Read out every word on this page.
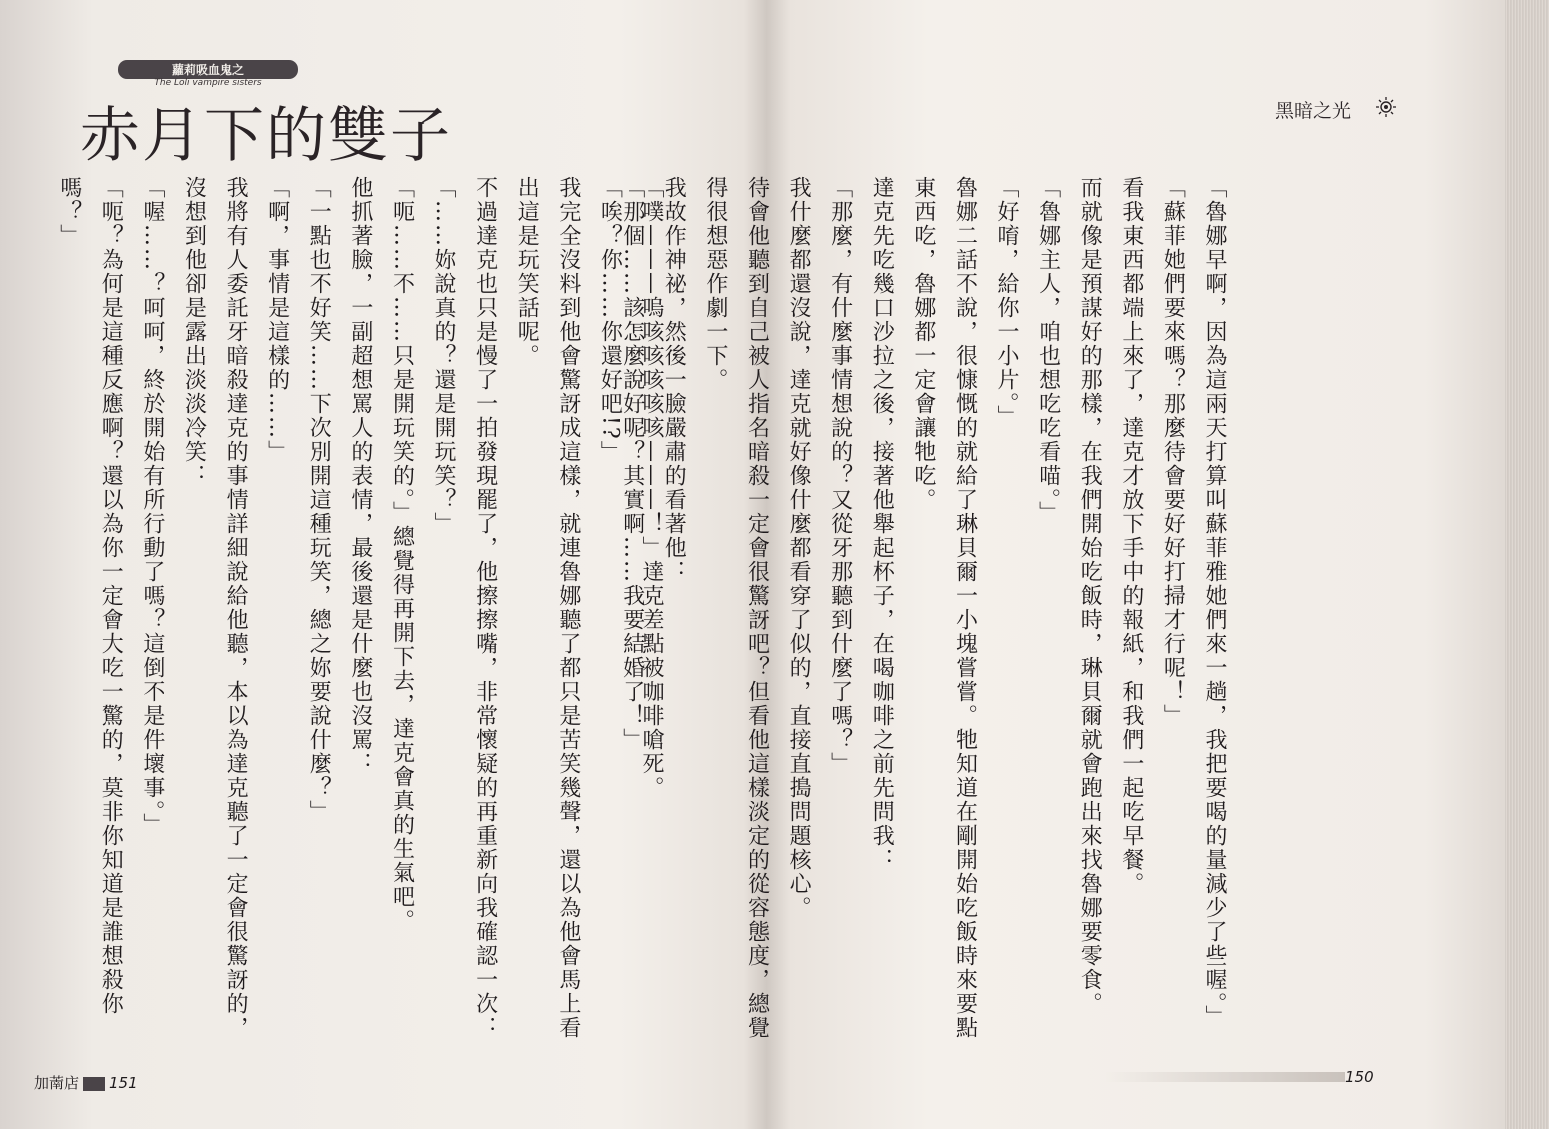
蘿莉吸血鬼之
The Loli vampire sisters
赤月下的雙子
「噗———嗚咳咳咳咳咳———！」達克差點被咖啡嗆死。
「唉？你……你還好吧!?」
我完全沒料到他會驚訝成這樣，就連魯娜聽了都只是苦笑幾聲，還以為他會馬上看
出這是玩笑話呢。
不過達克也只是慢了一拍發現罷了，他擦擦嘴，非常懷疑的再重新向我確認一次：
「……妳說真的？還是開玩笑？」
「呃……不……只是開玩笑的。」總覺得再開下去，達克會真的生氣吧。
他抓著臉，一副超想罵人的表情，最後還是什麼也沒罵：
「一點也不好笑……下次別開這種玩笑，總之妳要說什麼？」
「啊，事情是這樣的……」
我將有人委託牙暗殺達克的事情詳細說給他聽，本以為達克聽了一定會很驚訝的，
沒想到他卻是露出淡淡冷笑：
「喔……？呵呵，終於開始有所行動了嗎？這倒不是件壞事。」
「呃？為何是這種反應啊？還以為你一定會大吃一驚的，莫非你知道是誰想殺你
嗎？」
加萳店 151
黑暗之光
「魯娜早啊，因為這兩天打算叫蘇菲雅她們來一趟，我把要喝的量減少了些喔。」
「蘇菲她們要來嗎？那麼待會要好好打掃才行呢！」
看我東西都端上來了，達克才放下手中的報紙，和我們一起吃早餐。
而就像是預謀好的那樣，在我們開始吃飯時，琳貝爾就會跑出來找魯娜要零食。
「魯娜主人，咱也想吃吃看喵。」
「好唷，給你一小片。」
魯娜二話不說，很慷慨的就給了琳貝爾一小塊嘗嘗。牠知道在剛開始吃飯時來要點
東西吃，魯娜都一定會讓牠吃。
達克先吃幾口沙拉之後，接著他舉起杯子，在喝咖啡之前先問我：
「那麼，有什麼事情想說的？又從牙那聽到什麼了嗎？」
我什麼都還沒說，達克就好像什麼都看穿了似的，直接直搗問題核心。
待會他聽到自己被人指名暗殺一定會很驚訝吧？但看他這樣淡定的從容態度，總覺
得很想惡作劇一下。
我故作神祕，然後一臉嚴肅的看著他：
「那個……該怎麼說好呢？其實啊……我要結婚了！」
150
